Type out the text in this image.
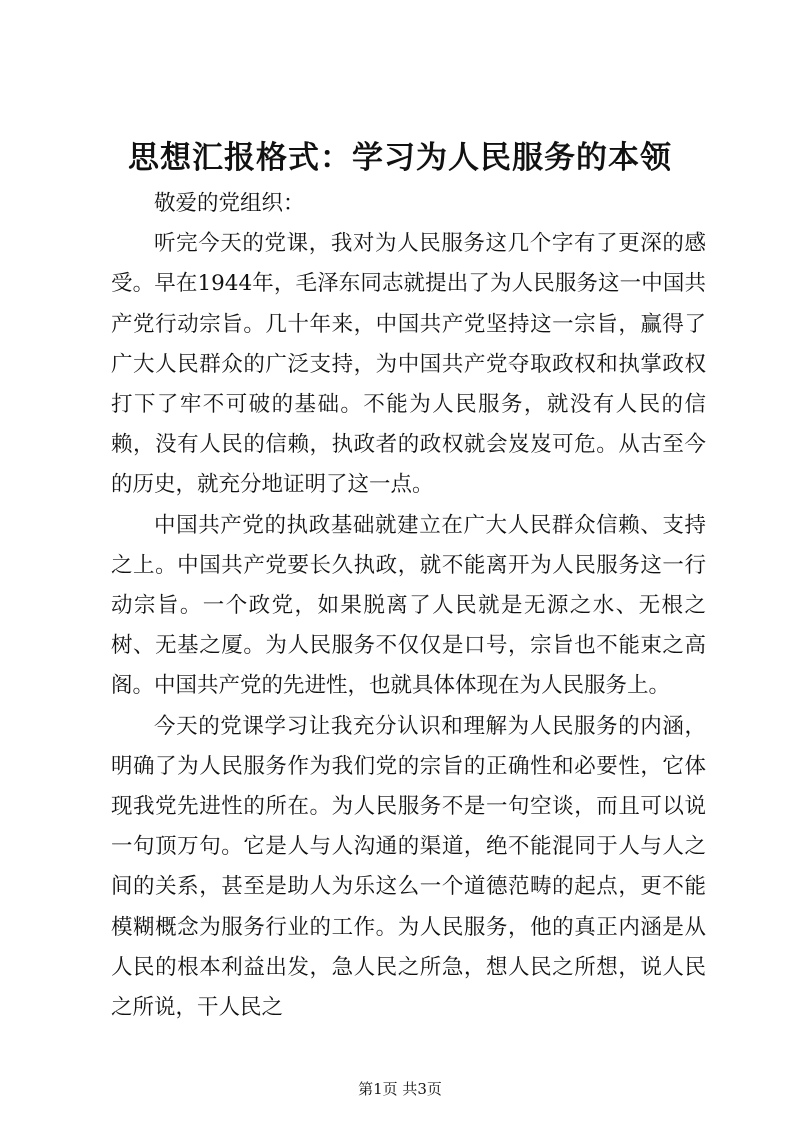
思想汇报格式：学习为人民服务的本领

敬爱的党组织：

听完今天的党课，我对为人民服务这几个字有了更深的感受。早在1944年，毛泽东同志就提出了为人民服务这一中国共产党行动宗旨。几十年来，中国共产党坚持这一宗旨，赢得了广大人民群众的广泛支持，为中国共产党夺取政权和执掌政权打下了牢不可破的基础。不能为人民服务，就没有人民的信赖，没有人民的信赖，执政者的政权就会岌岌可危。从古至今的历史，就充分地证明了这一点。

中国共产党的执政基础就建立在广大人民群众信赖、支持之上。中国共产党要长久执政，就不能离开为人民服务这一行动宗旨。一个政党，如果脱离了人民就是无源之水、无根之树、无基之厦。为人民服务不仅仅是口号，宗旨也不能束之高阁。中国共产党的先进性，也就具体体现在为人民服务上。

今天的党课学习让我充分认识和理解为人民服务的内涵，明确了为人民服务作为我们党的宗旨的正确性和必要性，它体现我党先进性的所在。为人民服务不是一句空谈，而且可以说一句顶万句。它是人与人沟通的渠道，绝不能混同于人与人之间的关系，甚至是助人为乐这么一个道德范畴的起点，更不能模糊概念为服务行业的工作。为人民服务，他的真正内涵是从人民的根本利益出发，急人民之所急，想人民之所想，说人民之所说，干人民之

第1页 共3页
